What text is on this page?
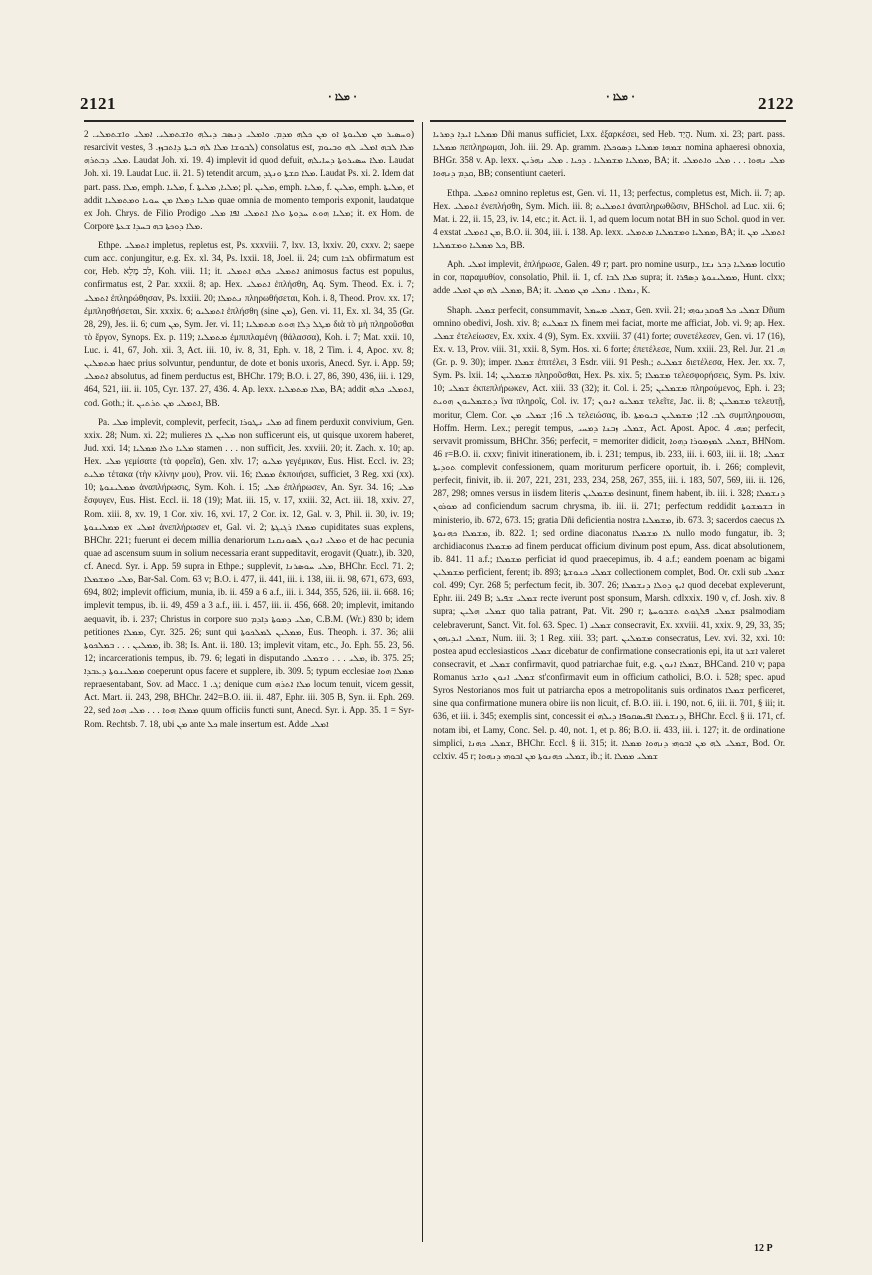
2121	· ܡܠܐ ·	· ܡܠܐ ·	2122

ܘܚܣܝܪ ܡܢ ܡܠܝܘܬܐ ܐܘ ܡܢ ܟܠܗ ܡܕܡ. ܘܐܡܠܝ ܕܢܣܒ ܕܝܠܗ ܘܐܫܬܡܠܝ. ܐܡܠܝ ܘܐܫܬܡܠܝ. 2) resarcivit vestes, ܠܒܘܫܐ ܡܠܐ ܠܗ ܒܝܬܐ ܕܐܬܒܙܙ. 3) consolatus est, ܡܠܐ ܠܒܗ ܐܡܠܝ ܠܗ ܘܒܝܘܡ ܡܠܝ ܕܒܬܪܗ. Laudat Joh. xi. 19. 4) implevit id quod defuit, ܡܠܐ ܚܣܝܪܘܬܐ ܕܚܐܝܠܗ. Laudat Joh. xi. 19. Laudat Luc. ii. 21. 5) tetendit arcum, ܡܠܐ ܩܫܬܐ ܘܢܓܕ. Laudat Ps. xi. 2. Idem dat part. pass. ܡܠܐ, emph. ܡܠܝܐ, f. ܡܠܝܐ, ܡܠܝܬܐ; pl. ܡܠܝܢ, emph. ܡܠܝܐ, f. ܡܠܝܢ, emph. ܡܠܝܬܐ, et addit ܡܠܝܐ ܕܡܠܐ ܡܢ ܚܘܝܐ ܘܡܬܡܠܝܐ quae omnia de momento temporis exponit, laudatque ex Joh. Chrys. de Filio Prodigo ܡܠܝܐ ܗܘܬ ܚܕܘܬܐ ܘܠܐ ܐܬܡܠܝ ܐܦܐ ܡܠܝ; it. ex Hom. de Corpore ܡܠܐ ܕܘܟܬܐ ܒܗ ܒܚܕܐ ܫܥܬܐ.

Ethpe. ܐܬܡܠܝ impletus, repletus est, Ps. xxxviii. 7, lxv. 13, lxxiv. 20, cxxv. 2; saepe cum acc. conjungitur, e.g. Ex. xl. 34, Ps. lxxii. 18, Joel. ii. 24; cum ܠܒܐ obfirmatum est cor, Heb. לֵב מָלֵא, Koh. viii. 11; it. ܐܬܡܠܝ ܟܠܗ ܐܬܡܠܝ animosus factus est populus, confirmatus est, 2 Par. xxxii. 8; ap. Hex. ܐܬܡܠܝ ἐπλήσθη, Aq. Sym. Theod. Ex. i. 7; ܐܬܡܠܝ ἐπληρώθησαν, Ps. lxxiii. 20; ܢܬܡܠܐ πληρωθήσεται, Koh. i. 8, Theod. Prov. xx. 17; ἐμπλησθήσεται, Sir. xxxix. 6; ܐܬܡܠܝܘ ἐπλήσθη (sine ܡܢ), Gen. vi. 11, Ex. xl. 34, 35 (Gr. 28, 29), Jes. ii. 6; cum ܡܢ, Sym. Jer. vi. 11; ܡܛܠ ܕܠܐ ܗܘܬ ܡܬܡܠܝܐ διὰ τὸ μὴ πληροῦσθαι τὸ ἔργον, Synops. Ex. p. 119; ܡܬܡܠܝܐ ἐμπιπλαμένη (θάλασσα), Koh. i. 7; Mat. xxii. 10, Luc. i. 41, 67, Joh. xii. 3, Act. iii. 10, iv. 8, 31, Eph. v. 18, 2 Tim. i. 4, Apoc. xv. 8; ܡܬܡܠܝܢ haec prius solvuntur, penduntur, de dote et bonis uxoris, Anecd. Syr. i. App. 59; ܐܬܡܠܝ absolutus, ad finem perductus est, BHChr. 179; B.O. i. 27, 86, 390, 436, iii. i. 129, 464, 521, iii. ii. 105, Cyr. 137. 27, 436. 4. Ap. lexx. ܡܠܐ ܡܬܡܠܝܐ, BA; addit ܐܬܡܠܝ ܟܠܗ, cod. Goth.; it. ܐܬܡܠܝ ܡܢ ܬܪܬܝܢ, BB.

Pa. ܡܠܝ implevit, complevit, perfecit, ܡܠܝ ܢܛܘܪܐ ad finem perduxit convivium, Gen. xxix. 28; Num. xi. 22; mulieres ܡܠܝܢ ܠܐ non sufficerunt eis, ut quisque uxorem haberet, Jud. xxi. 14; ܡܠܝܐ ܘܠܐ ܡܡܠܝܐ stamen . . . non sufficit, Jes. xxviii. 20; it. Zach. x. 10; ap. Hex. ܡܠܝ γεμίσατε (τὰ φορεῖα), Gen. xlv. 17; ܡܠܝܘ γεγέμικαν, Eus. Hist. Eccl. iv. 23; ܡܠܝܬ τέτακα (τὴν κλίνην μου), Prov. vii. 16; ܡܡܠܐ ἐκποιήσει, sufficiet, 3 Reg. xxi (xx). 10; ܡܡܠܝܢܘܬܐ ἀναπλήρωσις, Sym. Koh. i. 15; ܡܠܝ ἐπλήρωσεν, An. Syr. 34. 16; ܡܠܝ ἔσφυγεν, Eus. Hist. Eccl. ii. 18 (19); Mat. iii. 15, v. 17, xxiii. 32, Act. iii. 18, xxiv. 27, Rom. xiii. 8, xv. 19, 1 Cor. xiv. 16, xvi. 17, 2 Cor. ix. 12, Gal. v. 3, Phil. ii. 30, iv. 19; ܡܡܠܝܢܘܬܐ ex ܐܡܠܝ ἀνεπλήρωσεν et, Gal. vi. 2; ܡܡܠܐ ܪܓܝܓܬܐ cupiditates suas explens, BHChr. 221; fuerunt ei decem millia denariorum ܘܡܠܝ ܐܢܘܢ ܠܣܘܢܩܢܐ et de hac pecunia quae ad ascensum suum in solium necessaria erant suppeditavit, erogavit (Quatr.), ib. 320, cf. Anecd. Syr. i. App. 59 supra in Ethpe.; supplevit, ܡܠܝ ܚܘܣܪܢܐ, BHChr. Eccl. 71. 2; ܡܠܝ ܘܡܫܡܠܐ, Bar-Sal. Com. 63 v; B.O. i. 477, ii. 441, iii. i. 138, iii. ii. 98, 671, 673, 693, 694, 802; implevit officium, munia, ib. ii. 459 a 6 a.f., iii. i. 344, 355, 526, iii. ii. 668. 16; implevit tempus, ib. ii. 49, 459 a 3 a.f., iii. i. 457, iii. ii. 456, 668. 20; implevit, imitando aequavit, ib. i. 237; Christus in corpore suo ܡܠܝ ܕܡܘܬܐ ܕܐܕܡ, C.B.M. (Wr.) 830 b; idem petitiones ܡܡܠܐ, Cyr. 325. 26; sunt qui ܡܡܠܝܢ ܠܡܠܟܘܬܐ, Eus. Theoph. i. 37. 36; alii ܡܡܠܝܢ . . . ܒܡܠܟܘܬܐ, ib. 38; Is. Ant. ii. 180. 13; implevit vitam, etc., Jo. Eph. 55. 23, 56. 12; incarcerationis tempus, ib. 79. 6; legati in disputando ܡܠܝ . . . ܘܫܡܠܝ, ib. 375. 25; ܡܡܠܝܢܘܬܐ ܕܥܒܕܐ coeperunt opus facere et supplere, ib. 309. 5; typum ecclesiae ܡܡܠܐ ܗܘܐ repraesentabant, Sov. ad Macc. ܓ. 1; denique cum ܡܠܐ ܐܬܪܗ locum tenuit, vicem gessit, Act. Mart. ii. 243, 298, BHChr. 242=B.O. iii. ii. 487, Ephr. iii. 305 B, Syn. ii. Eph. 269. 22, sed ܡܡܠܐ ܗܘܐ . . . ܡܠܝ ܗܘܐ quum officiis functi sunt, Anecd. Syr. i. App. 35. 1 = Syr-Rom. Rechtsb. 7. 18, ubi ܡܢ ante ܟܠ male insertum est. Adde ܐܡܠܝ

ܡܡܠܝܐ ܐܝܕܐ ܕܡܪܝܐ Dñi manus sufficiet, Lxx. ἐξαρκέσει, sed Heb. הֲיַד. Num. xi. 23; part. pass. ܡܡܠܝܐ πεπληρωμαι, Joh. iii. 29. Ap. gramm. ܫܡܗܐ ܡܡܠܝܐ ܕܣܘܟܠܐ nomina aphaeresi obnoxia, BHGr. 358 v. Ap. lexx. ܡܡܠܝܐ ܡܫܡܠܝܐ . ܕܟܝܐ . ܡܠܝ ܢܗܪܝܢ, BA; it. ܡܠܝ ܢܗܘܐ . . . ܡܠܝ ܘܐܬܡܠܝ ܩܕܡ ܕܢܗܘܐ, BB; consentiunt caeteri.

Ethpa. ܐܬܡܠܝ omnino repletus est, Gen. vi. 11, 13; perfectus, completus est, Mich. ii. 7; ap. Hex. ܐܬܡܠܝ ἐνεπλήσθη, Sym. Mich. iii. 8; ܐܬܡܠܝܬ ἀναπληρωθῶσιν, BHSchol. ad Luc. xii. 6; Mat. i. 22, ii. 15, 23, iv. 14, etc.; it. Act. ii. 1, ad quem locum notat BH in suo Schol. quod in ver. 4 exstat ܡܢ ܐܬܡܠܝ, B.O. ii. 304, iii. i. 138. Ap. lexx. ܡܡܠܝܐ ܘܡܫܡܠܝܐ ܡܬܡܠܝ, BA; it. ܐܬܡܠܝ ܡܢ ܟܠ ܡܡܠܝܐ ܘܡܫܡܠܝܐ, BB.

Aph. ܐܡܠܝ implevit, ἐπλήρωσε, Galen. 49 r; part. pro nomine usurp., ܡܡܠܝܐ ܕܒܪ ܢܫܐ locutio in cor, παραμυθίον, consolatio, Phil. ii. 1, cf. ܡܠܐ ܠܒܐ supra; it. ܡܡܠܝܢܘܬܐ ܕܣܦܪܐ, Hunt. clxx; adde ܡܡܠܝ ܠܗ ܡܢ ܐܡܠܝ, BA; it. ܢܡܠܐ . ܢܡܠܝ ܡܢ ܡܡܠܝ, K.

Shaph. ܫܡܠܝ perfecit, consummavit, ܫܡܠܝ ܡܚܡܠ, Gen. xvii. 21; ܫܡܠܝ ܟܠ ܦܘܩܕܢܘܗܝ Dñum omnino obedivi, Josh. xiv. 8; ܠܐ ܫܡܠܝܬ finem mei faciat, morte me afficiat, Job. vi. 9; ap. Hex. ܫܡܠܝ ἐτελείωσεν, Ex. xxix. 4 (9), Sym. Ex. xxviii. 37 (41) forte; συνετέλεσεν, Gen. vi. 17 (16), Ex. v. 13, Prov. viii. 31, xxii. 8, Sym. Hos. xi. 6 forte; ἐπετέλεσε, Num. xxiii. 23, Rel. Jur. ܗ. 21 (Gr. p. 9. 30); imper. ܫܡܠܐ ἐπιτέλει, 3 Esdr. viii. 91 Pesh.; ܫܡܠܝܬ διετέλεσα, Hex. Jer. xx. 7, Sym. Ps. lxii. 14; ܡܫܡܠܝܢ πληροῦσθαι, Hex. Ps. xix. 5; ܡܫܡܠܐ τελεσφορήσεις, Sym. Ps. lxiv. 10; ܫܡܠܝ ἐκπεπλήρωκεν, Act. xiii. 33 (32); it. Col. i. 25; ܡܫܡܠܝܢ πληρούμενος, Eph. i. 23; ܕܬܫܡܠܝܘܢ ܗܘܝܬ ἵνα πληροῖς, Col. iv. 17; ܫܡܠܝܘ ܐܢܘܢ τελεῖτε, Jac. ii. 8; ܡܫܡܠܝܢ τελευτῇ, moritur, Clem. Cor. ܠ. 16; ܫܡܠܝ ܡܢ τελειώσας, ib. ܠܒ. 12; ܡܫܡܠܝܢ ܒܝܘܡܬܐ συμπληρουσαι, Hoffm. Herm. Lex.; peregit tempus, ܫܡܠܝ ܙܒܢܐ ܕܡܚܝ, Act. Apost. Apoc. ܡܗ. 4; perfecit, servavit promissum, BHChr. 356; perfecit, = memoriter didicit, ܫܡܠܝ ܠܡܙܡܘܪܐ ܕܗܘܐ, BHNom. 46 r=B.O. ii. cxxv; finivit itinerationem, ib. i. 231; tempus, ib. 233, iii. i. 603, iii. ii. 18; ܫܡܠܝ ܬܘܕܝܬܐ complevit confessionem, quam moriturum perficere oportuit, ib. i. 266; complevit, perfecit, finivit, ib. ii. 207, 221, 231, 233, 234, 258, 267, 355, iii. i. 183, 507, 569, iii. ii. 126, 287, 298; omnes versus in iisdem literis ܡܫܡܠܝܢ desinunt, finem habent, ib. iii. i. 328; ܕܢܫܡܠܐ ܡܘܪܘܢ ad conficiendum sacrum chrysma, ib. iii. ii. 271; perfectum reddidit ܒܫܡܫܘܬܐ in ministerio, ib. 672, 673. 15; gratia Dñi deficientia nostra ܡܫܡܠܝܐ, ib. 673. 3; sacerdos caecus ܠܐ ܡܫܡܠܐ ܟܗܢܘܬܐ, ib. 822. 1; sed ordine diaconatus ܠܐ ܡܫܡܠܐ nullo modo fungatur, ib. 3; archidiaconus ܡܫܡܠܐ ad finem perducat officium divinum post epum, Ass. dicat absolutionem, ib. 841. 11 a.f.; ܡܫܡܠܐ perficiat id quod praecepimus, ib. 4 a.f.; eandem poenam ac bigami ܡܫܡܠܝܢ perficient, ferent; ib. 893; ܫܡܠܝ ܟܢܘܫܬܐ collectionem complet, Bod. Or. cxli sub ܫܡܠܝ col. 499; Cyr. 268 5; perfectum fecit, ib. 307. 26; ܐܝܟ ܕܘܠܐ ܕܢܫܡܠܐ quod decebat expleverunt, Ephr. iii. 249 B; ܫܡܠܝ ܫܦܝܪ recte iverunt post sponsum, Marsh. cdlxxix. 190 v, cf. Josh. xiv. 8 supra; ܫܡܠܝ ܗܠܝܢ quo talia patrant, Pat. Vit. 290 r; ܫܡܠܝ ܦܠܓܘܬ ܬܫܒܘܚܬܐ psalmodiam celebraverunt, Sanct. Vit. fol. 63. Spec. 1) ܫܡܠܝ consecravit, Ex. xxviii. 41, xxix. 9, 29, 33, 35; ܫܡܠܝ ܐܝܕܝܗܘܢ, Num. iii. 3; 1 Reg. xiii. 33; part. ܡܫܡܠܝܢ consecratus, Lev. xvi. 32, xxi. 10: postea apud ecclesiasticos ܫܡܠܝ dicebatur de confirmatione consecrationis epi, ita ut ܐܫܪ valeret consecravit, et ܫܡܠܝ confirmavit, quod patriarchae fuit, e.g. ܫܡܠܐ ܐܢܘܢ, BHCand. 210 v; papa Romanus ܫܡܠܝ ܐܢܘܢ ܘܐܫܪ st'confirmavit eum in officium catholici, B.O. i. 528; spec. apud Syros Nestorianos mos fuit ut patriarcha epos a metropolitanis suis ordinatos ܫܡܠܐ perficeret, sine qua confirmatione munera obire iis non licuit, cf. B.O. iii. i. 190, not. 6, iii. ii. 701, § iii; it. 636, et iii. i. 345; exemplis sint, concessit ei ܕܢܫܡܠܐ ܐܦܝܣܩܘܦܐ ܕܝܠܗ, BHChr. Eccl. § ii. 171, cf. notam ibi, et Lamy, Conc. Sel. p. 40, not. 1, et p. 86; B.O. ii. 433, iii. i. 127; it. de ordinatione simplici, ܫܡܠܝ ܟܗܢܐ, BHChr. Eccl. § ii. 315; it. ܫܡܠܝ ܠܗ ܡܢ ܐܒܘܗܝ ܕܢܗܘܐ ܡܡܠܐ, Bod. Or. cclxiv. 45 r; ܫܡܠܝ ܟܗܢܘܬܐ ܡܢ ܐܒܘܗܝ ܕܢܗܘܐ, ib.; it. ܫܡܠܝ ܡܡܠܐ

12 P
